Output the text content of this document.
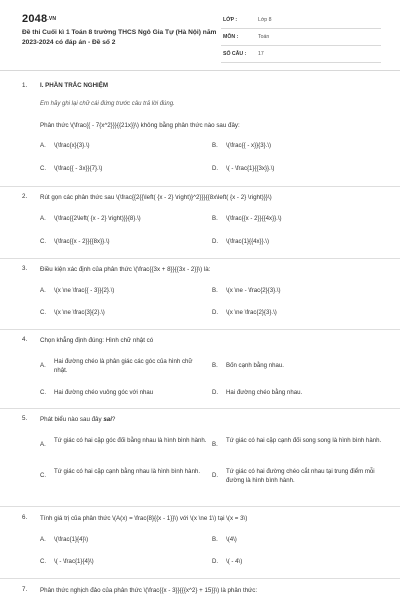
2048.VN
Đề thi Cuối kì 1 Toán 8 trường THCS Ngô Gia Tự (Hà Nội) năm 2023-2024 có đáp án - Đề số 2
LỚP :	Lớp 8
MÔN :	Toán
SỐ CÂU :	17
1. I. PHẦN TRẮC NGHIỆM
Em hãy ghi lại chữ cái đứng trước câu trả lời đúng.
Phân thức \(\frac{{ - 7{x^2}}}{{21x}}\) không bằng phân thức nào sau đây:
A. \(\frac{x}{3}.\)	B. \(\frac{{ - x}}{3}.\)
C. \(\frac{{ - 3x}}{7}.\)	D. \( - \frac{1}{{3x}}.\)
2. Rút gọn các phân thức sau \(\frac{{2{{\left( {x - 2} \right)}^2}}}{{8x\left( {x - 2} \right)}}\)
A. \(\frac{{2\left( {x - 2} \right)}}{8}.\)	B. \(\frac{{x - 2}}{{4x}}.\)
C. \(\frac{{x - 2}}{{8x}}.\)	D. \(\frac{1}{{4x}}.\)
3. Điều kiện xác định của phân thức \(\frac{{3x + 8}}{{3x - 2}}\) là:
A. \(x \ne \frac{{ - 3}}{2}.\)	B. \(x \ne - \frac{2}{3}.\)
C. \(x \ne \frac{3}{2}.\)	D. \(x \ne \frac{2}{3}.\)
4. Chọn khẳng định đúng: Hình chữ nhật có
A.
Hai đường chéo là phân giác các góc của hình chữ nhật.
B. Bốn cạnh bằng nhau.
C. Hai đường chéo vuông góc với nhau	D. Hai đường chéo bằng nhau.
5. Phát biểu nào sau đây sai?
A.
Tứ giác có hai cặp góc đối bằng nhau là hình bình hành.
B.
Tứ giác có hai cặp cạnh đối song song là hình bình hành.
C.
Tứ giác có hai cặp cạnh bằng nhau là hình bình hành.
D.
Tứ giác có hai đường chéo cắt nhau tại trung điểm mỗi đường là hình bình hành.
6. Tính giá trị của phân thức \(A(x) = \frac{8}{{x - 1}}\) với \(x \ne 1\) tại \(x = 3\)
A. \(\frac{1}{4}\)	B. \(4\)
C. \( - \frac{1}{4}\)	D. \( - 4\)
7. Phân thức nghịch đảo của phân thức \(\frac{{x - 3}}{{{x^2} + 15}}\) là phân thức:
